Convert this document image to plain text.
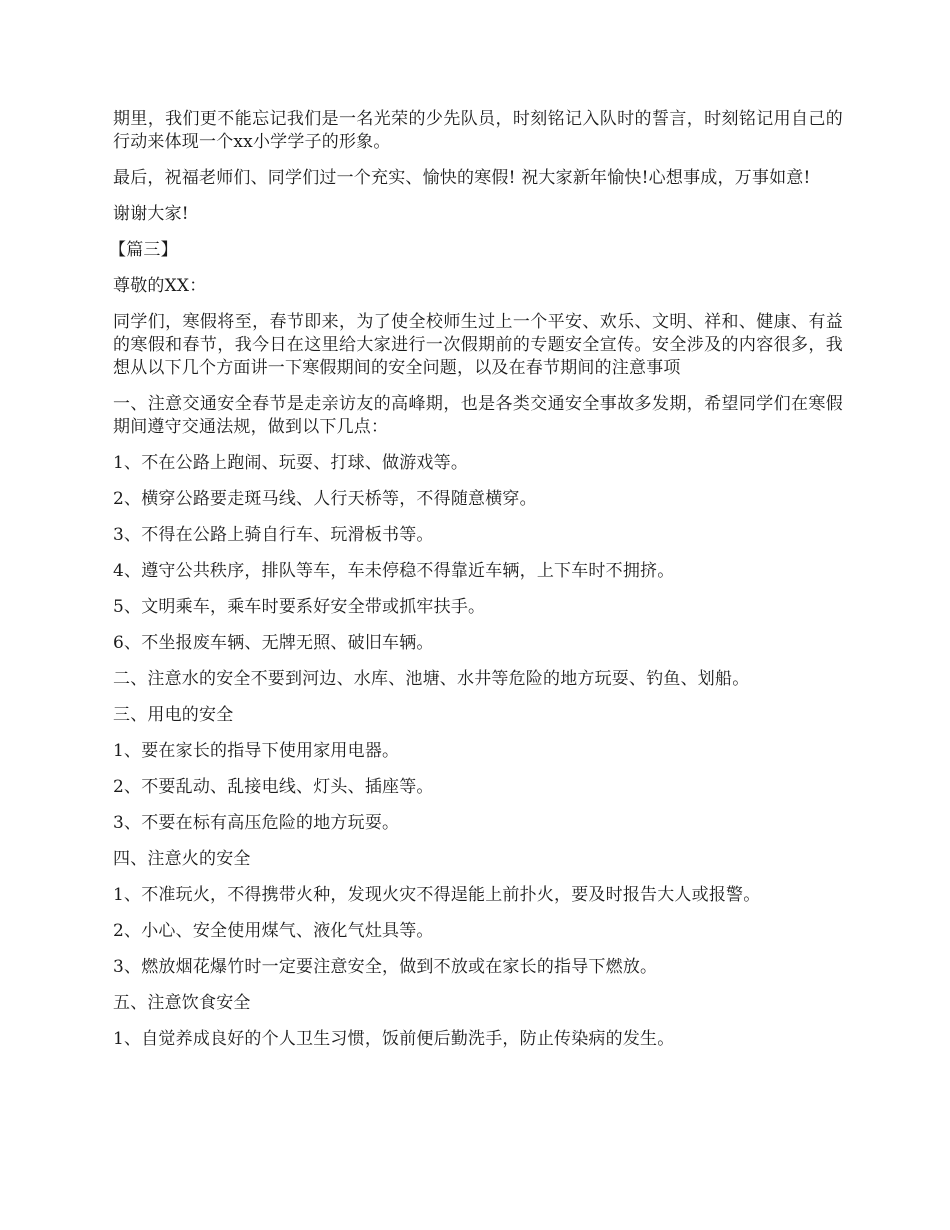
期里，我们更不能忘记我们是一名光荣的少先队员，时刻铭记入队时的誓言，时刻铭记用自己的行动来体现一个xx小学学子的形象。

最后，祝福老师们、同学们过一个充实、愉快的寒假! 祝大家新年愉快!心想事成，万事如意!

谢谢大家!

【篇三】

尊敬的XX：

同学们，寒假将至，春节即来，为了使全校师生过上一个平安、欢乐、文明、祥和、健康、有益的寒假和春节，我今日在这里给大家进行一次假期前的专题安全宣传。安全涉及的内容很多，我想从以下几个方面讲一下寒假期间的安全问题，以及在春节期间的注意事项

一、注意交通安全春节是走亲访友的高峰期，也是各类交通安全事故多发期，希望同学们在寒假期间遵守交通法规，做到以下几点：

1、不在公路上跑闹、玩耍、打球、做游戏等。

2、横穿公路要走斑马线、人行天桥等，不得随意横穿。

3、不得在公路上骑自行车、玩滑板书等。

4、遵守公共秩序，排队等车，车未停稳不得靠近车辆，上下车时不拥挤。

5、文明乘车，乘车时要系好安全带或抓牢扶手。

6、不坐报废车辆、无牌无照、破旧车辆。

二、注意水的安全不要到河边、水库、池塘、水井等危险的地方玩耍、钓鱼、划船。

三、用电的安全

1、要在家长的指导下使用家用电器。

2、不要乱动、乱接电线、灯头、插座等。

3、不要在标有高压危险的地方玩耍。

四、注意火的安全

1、不准玩火，不得携带火种，发现火灾不得逞能上前扑火，要及时报告大人或报警。

2、小心、安全使用煤气、液化气灶具等。

3、燃放烟花爆竹时一定要注意安全，做到不放或在家长的指导下燃放。

五、注意饮食安全

1、自觉养成良好的个人卫生习惯，饭前便后勤洗手，防止传染病的发生。
